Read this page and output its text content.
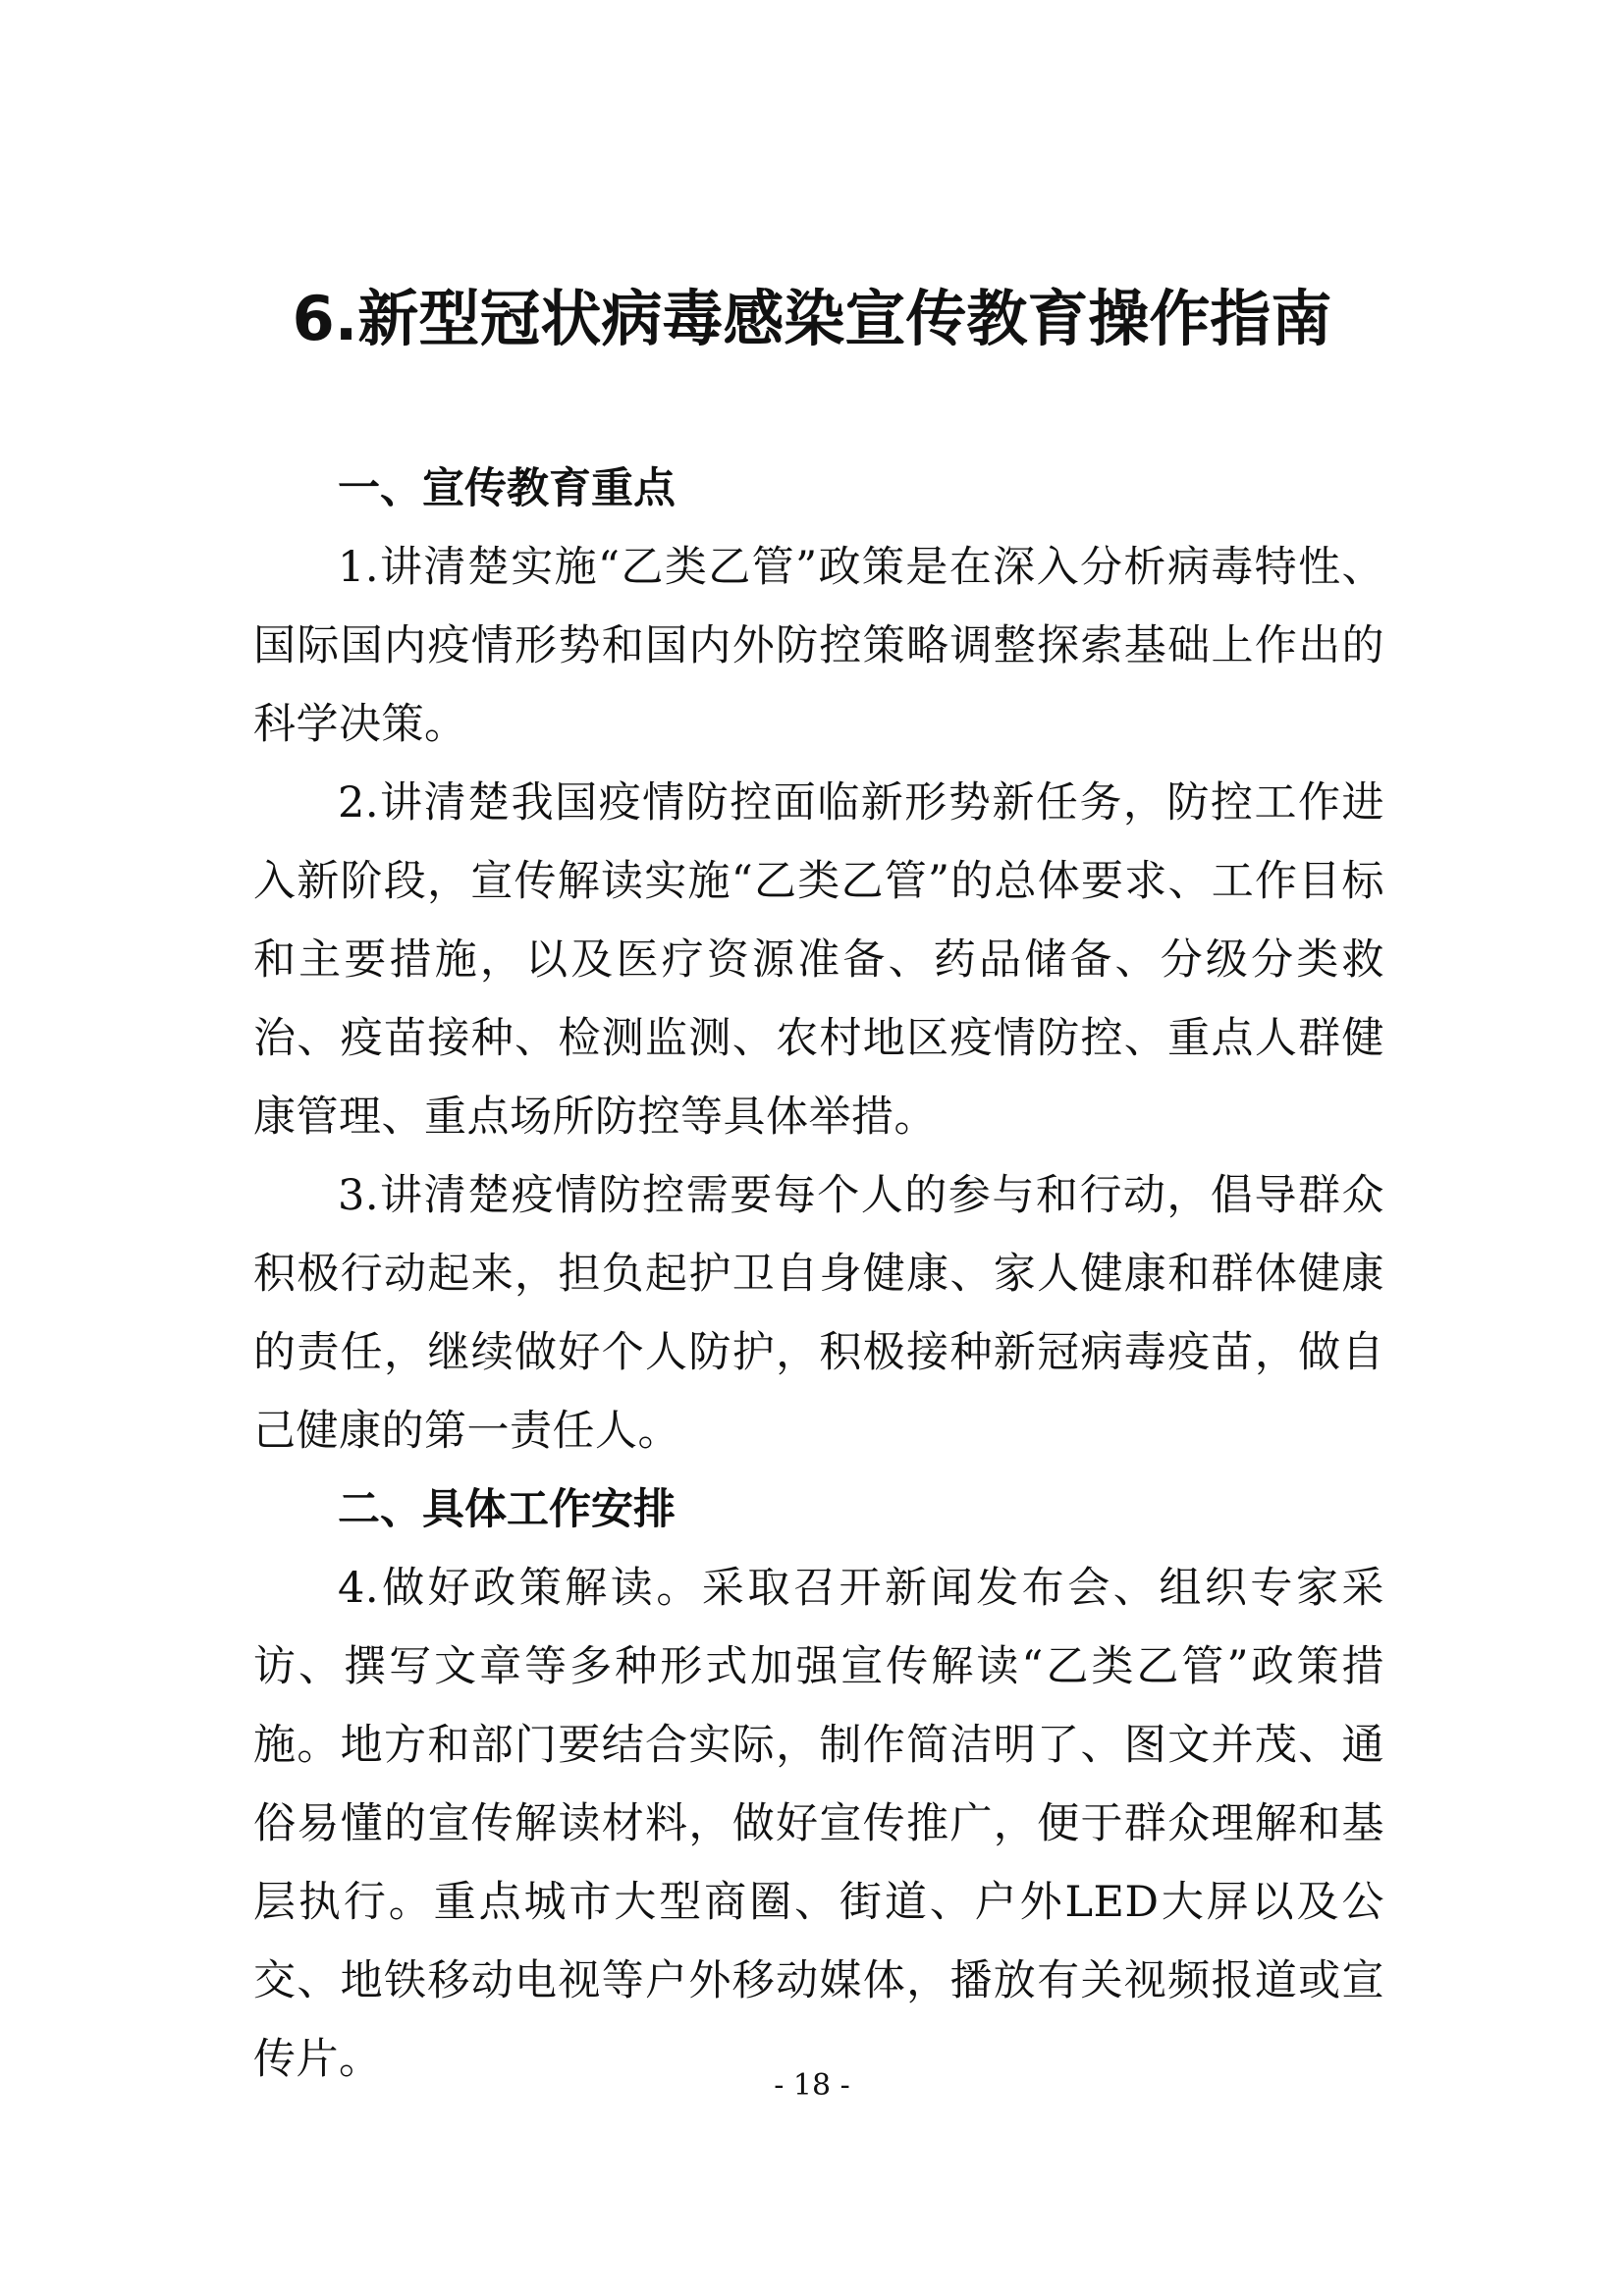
6.新型冠状病毒感染宣传教育操作指南
一、宣传教育重点

1.讲清楚实施“乙类乙管”政策是在深入分析病毒特性、国际国内疫情形势和国内外防控策略调整探索基础上作出的科学决策。

2.讲清楚我国疫情防控面临新形势新任务，防控工作进入新阶段，宣传解读实施“乙类乙管”的总体要求、工作目标和主要措施，以及医疗资源准备、药品储备、分级分类救治、疫苗接种、检测监测、农村地区疫情防控、重点人群健康管理、重点场所防控等具体举措。

3.讲清楚疫情防控需要每个人的参与和行动，倡导群众积极行动起来，担负起护卫自身健康、家人健康和群体健康的责任，继续做好个人防护，积极接种新冠病毒疫苗，做自己健康的第一责任人。

二、具体工作安排

4.做好政策解读。采取召开新闻发布会、组织专家采访、撰写文章等多种形式加强宣传解读“乙类乙管”政策措施。地方和部门要结合实际，制作简洁明了、图文并茂、通俗易懂的宣传解读材料，做好宣传推广，便于群众理解和基层执行。重点城市大型商圈、街道、户外LED大屏以及公交、地铁移动电视等户外移动媒体，播放有关视频报道或宣传片。

- 18 -
